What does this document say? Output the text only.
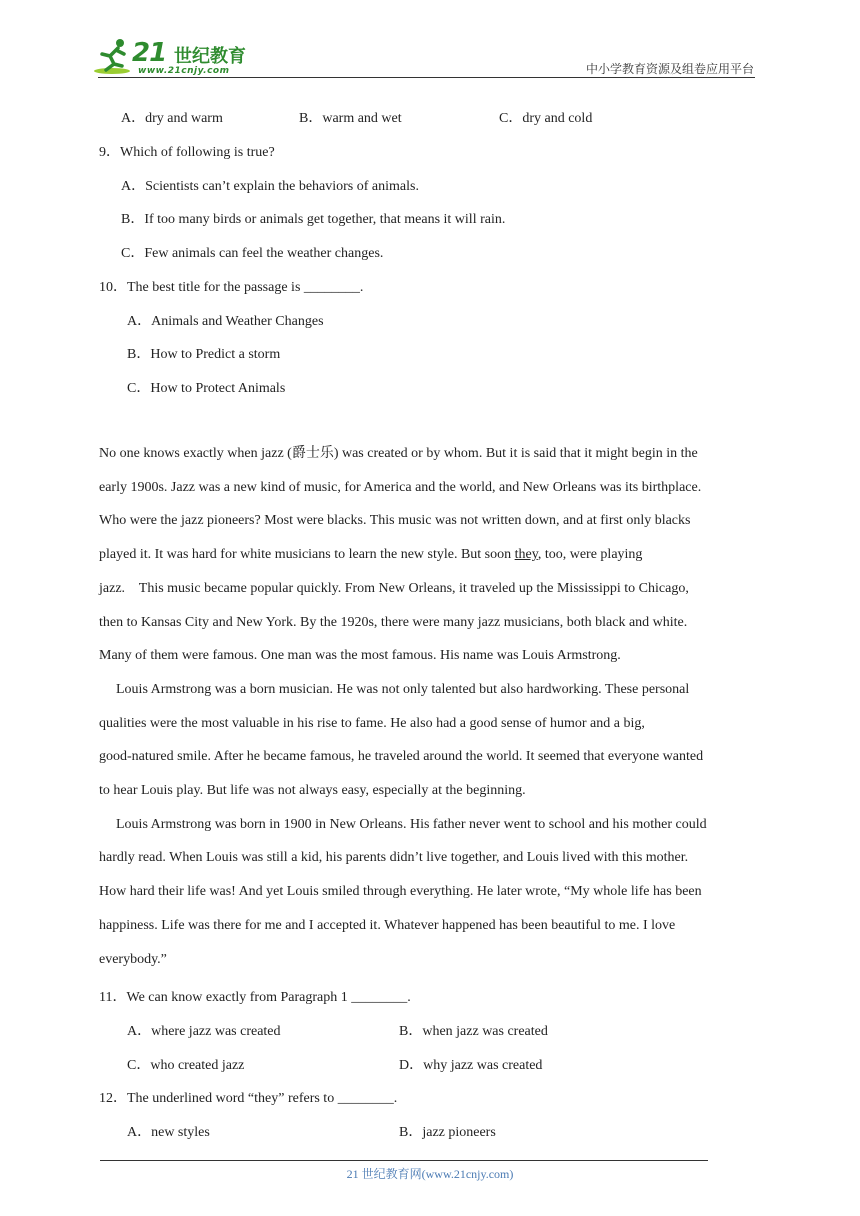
21 世纪教育
www.21cnjy.com	中小学教育资源及组卷应用平台
A．dry and warm	B．warm and wet	C．dry and cold
9．Which of following is true?
A．Scientists can’t explain the behaviors of animals.
B．If too many birds or animals get together, that means it will rain.
C．Few animals can feel the weather changes.
10．The best title for the passage is ________.
A．Animals and Weather Changes
B．How to Predict a storm
C．How to Protect Animals

No one knows exactly when jazz (爵士乐) was created or by whom. But it is said that it might begin in the

early 1900s. Jazz was a new kind of music, for America and the world, and New Orleans was its birthplace.

Who were the jazz pioneers? Most were blacks. This music was not written down, and at first only blacks

played it. It was hard for white musicians to learn the new style. But soon they, too, were playing

jazz.    This music became popular quickly. From New Orleans, it traveled up the Mississippi to Chicago,

then to Kansas City and New York. By the 1920s, there were many jazz musicians, both black and white.

Many of them were famous. One man was the most famous. His name was Louis Armstrong.

Louis Armstrong was a born musician. He was not only talented but also hardworking. These personal

qualities were the most valuable in his rise to fame. He also had a good sense of humor and a big,

good-natured smile. After he became famous, he traveled around the world. It seemed that everyone wanted

to hear Louis play. But life was not always easy, especially at the beginning.

Louis Armstrong was born in 1900 in New Orleans. His father never went to school and his mother could

hardly read. When Louis was still a kid, his parents didn’t live together, and Louis lived with this mother.

How hard their life was! And yet Louis smiled through everything. He later wrote, “My whole life has been

happiness. Life was there for me and I accepted it. Whatever happened has been beautiful to me. I love

everybody.”

11．We can know exactly from Paragraph 1 ________.
A．where jazz was created	B．when jazz was created
C．who created jazz	D．why jazz was created
12．The underlined word “they” refers to ________.
A．new styles	B．jazz pioneers
21 世纪教育网(www.21cnjy.com)
